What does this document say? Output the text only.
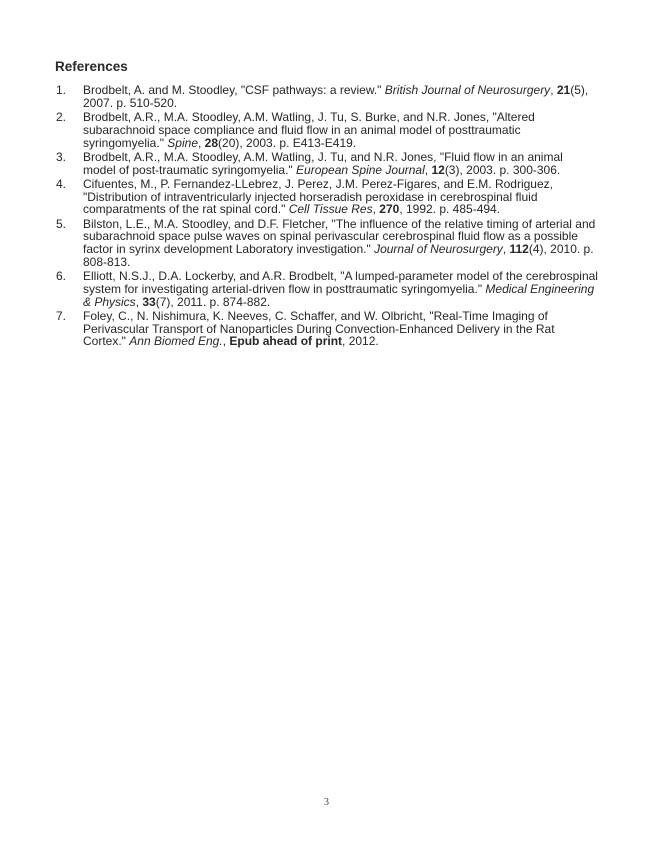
References
1.	Brodbelt, A. and M. Stoodley, "CSF pathways: a review." British Journal of Neurosurgery, 21(5), 2007. p. 510-520.
2.	Brodbelt, A.R., M.A. Stoodley, A.M. Watling, J. Tu, S. Burke, and N.R. Jones, "Altered subarachnoid space compliance and fluid flow in an animal model of posttraumatic syringomyelia." Spine, 28(20), 2003. p. E413-E419.
3.	Brodbelt, A.R., M.A. Stoodley, A.M. Watling, J. Tu, and N.R. Jones, "Fluid flow in an animal model of post-traumatic syringomyelia." European Spine Journal, 12(3), 2003. p. 300-306.
4.	Cifuentes, M., P. Fernandez-LLebrez, J. Perez, J.M. Perez-Figares, and E.M. Rodriguez, "Distribution of intraventricularly injected horseradish peroxidase in cerebrospinal fluid comparatments of the rat spinal cord." Cell Tissue Res, 270, 1992. p. 485-494.
5.	Bilston, L.E., M.A. Stoodley, and D.F. Fletcher, "The influence of the relative timing of arterial and subarachnoid space pulse waves on spinal perivascular cerebrospinal fluid flow as a possible factor in syrinx development Laboratory investigation." Journal of Neurosurgery, 112(4), 2010. p. 808-813.
6.	Elliott, N.S.J., D.A. Lockerby, and A.R. Brodbelt, "A lumped-parameter model of the cerebrospinal system for investigating arterial-driven flow in posttraumatic syringomyelia." Medical Engineering & Physics, 33(7), 2011. p. 874-882.
7.	Foley, C., N. Nishimura, K. Neeves, C. Schaffer, and W. Olbricht, "Real-Time Imaging of Perivascular Transport of Nanoparticles During Convection-Enhanced Delivery in the Rat Cortex." Ann Biomed Eng., Epub ahead of print, 2012.
3
